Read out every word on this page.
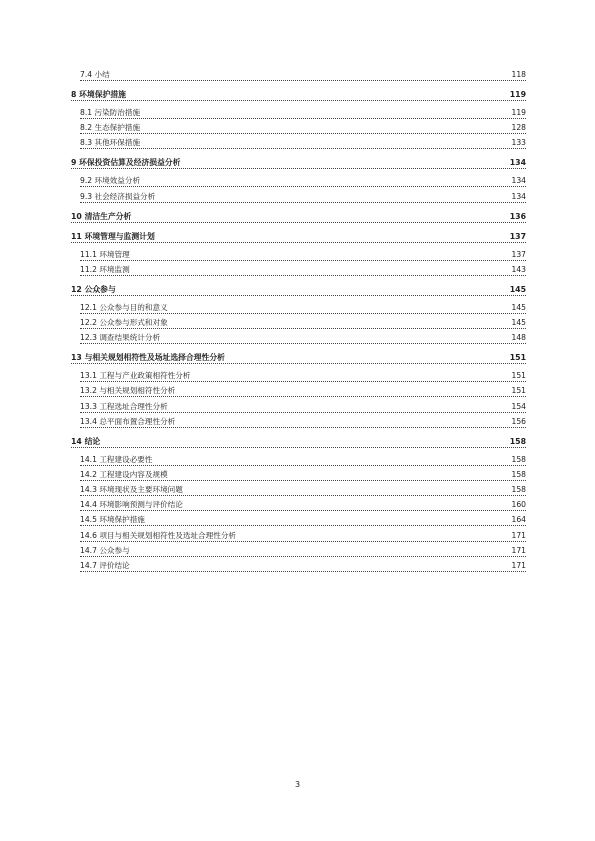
7.4 小结	118
8 环境保护措施	119
8.1 污染防治措施	119
8.2 生态保护措施	128
8.3 其他环保措施	133
9 环保投资估算及经济损益分析	134
9.2 环境效益分析	134
9.3 社会经济损益分析	134
10 清洁生产分析	136
11 环境管理与监测计划	137
11.1 环境管理	137
11.2 环境监测	143
12 公众参与	145
12.1 公众参与目的和意义	145
12.2 公众参与形式和对象	145
12.3 调查结果统计分析	148
13 与相关规划相符性及场址选择合理性分析	151
13.1 工程与产业政策相符性分析	151
13.2 与相关规划相符性分析	151
13.3 工程选址合理性分析	154
13.4 总平面布置合理性分析	156
14 结论	158
14.1 工程建设必要性	158
14.2 工程建设内容及规模	158
14.3 环境现状及主要环境问题	158
14.4 环境影响预测与评价结论	160
14.5 环境保护措施	164
14.6 项目与相关规划相符性及选址合理性分析	171
14.7 公众参与	171
14.7 评价结论	171
3
